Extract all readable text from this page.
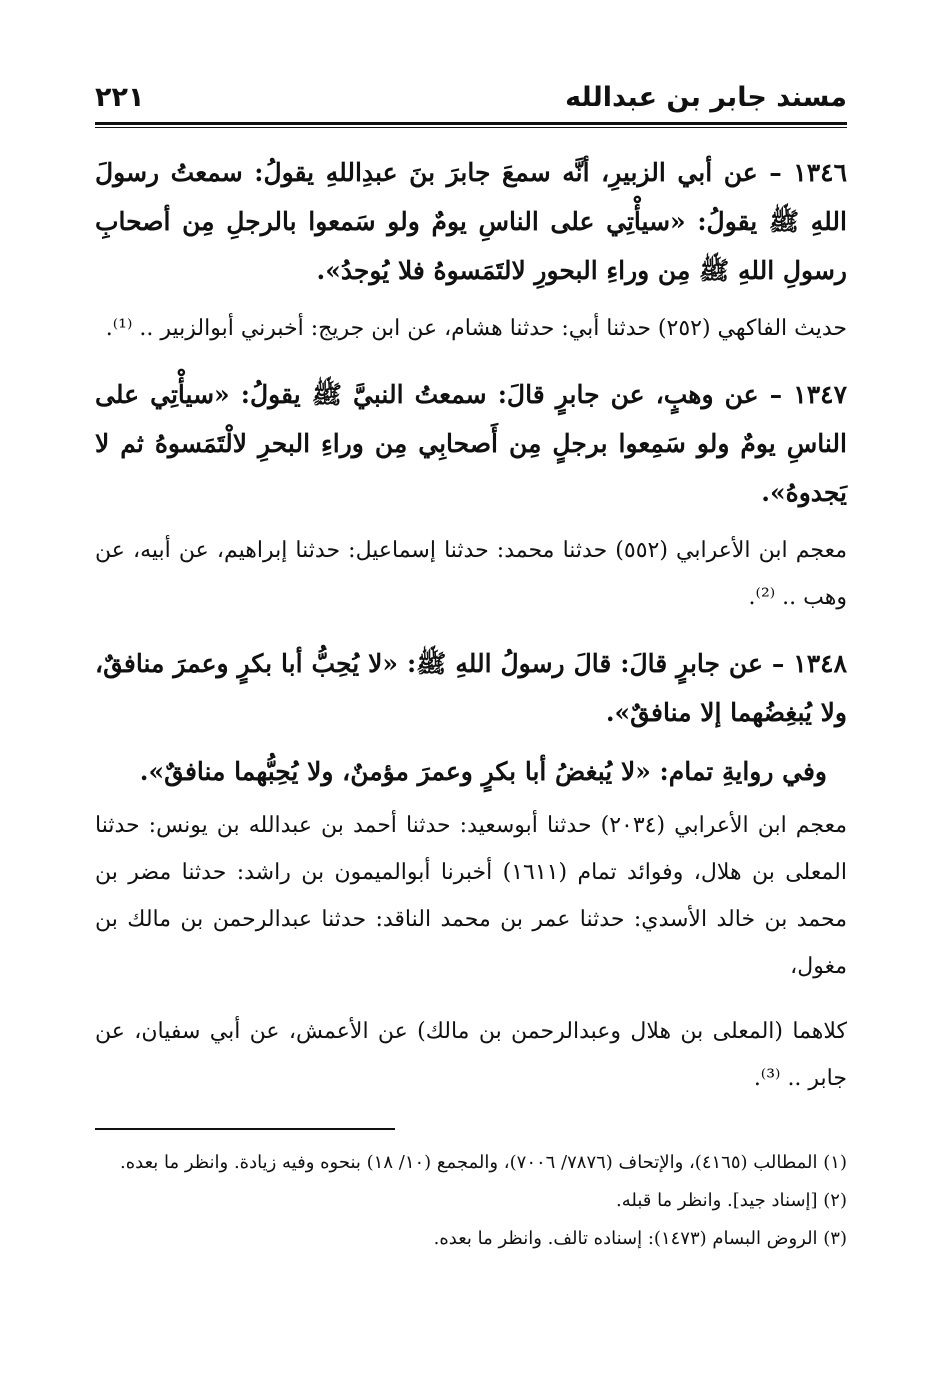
مسند جابر بن عبدالله
٢٢١

١٣٤٦ – عن أبي الزبيرِ، أنَّه سمعَ جابرَ بنَ عبدِاللهِ يقولُ: سمعتُ رسولَ اللهِ ﷺ يقولُ: «سيأْتِي على الناسِ يومٌ ولو سَمعوا بالرجلِ مِن أصحابِ رسولِ اللهِ ﷺ مِن وراءِ البحورِ لالتَمَسوهُ فلا يُوجدُ».

حديث الفاكهي (٢٥٢) حدثنا أبي: حدثنا هشام، عن ابن جريج: أخبرني أبوالزبير .. ⁽¹⁾.

١٣٤٧ – عن وهبٍ، عن جابرٍ قالَ: سمعتُ النبيَّ ﷺ يقولُ: «سيأْتِي على الناسِ يومٌ ولو سَمِعوا برجلٍ مِن أَصحابِي مِن وراءِ البحرِ لالْتَمَسوهُ ثم لا يَجدوهُ».

معجم ابن الأعرابي (٥٥٢) حدثنا محمد: حدثنا إسماعيل: حدثنا إبراهيم، عن أبيه، عن وهب .. ⁽²⁾.

١٣٤٨ – عن جابرٍ قالَ: قالَ رسولُ اللهِ ﷺ: «لا يُحِبُّ أبا بكرٍ وعمرَ منافقٌ، ولا يُبغِضُهما إلا منافقٌ».

وفي روايةِ تمام: «لا يُبغضُ أبا بكرٍ وعمرَ مؤمنٌ، ولا يُحِبُّهما منافقٌ».

معجم ابن الأعرابي (٢٠٣٤) حدثنا أبوسعيد: حدثنا أحمد بن عبدالله بن يونس: حدثنا المعلى بن هلال، وفوائد تمام (١٦١١) أخبرنا أبوالميمون بن راشد: حدثنا مضر بن محمد بن خالد الأسدي: حدثنا عمر بن محمد الناقد: حدثنا عبدالرحمن بن مالك بن مغول،

كلاهما (المعلى بن هلال وعبدالرحمن بن مالك) عن الأعمش، عن أبي سفيان، عن جابر .. ⁽³⁾.

(١) المطالب (٤١٦٥)، والإتحاف (٧٨٧٦/ ٧٠٠٦)، والمجمع (١٠/ ١٨) بنحوه وفيه زيادة. وانظر ما بعده.

(٢) [إسناد جيد]. وانظر ما قبله.

(٣) الروض البسام (١٤٧٣): إسناده تالف. وانظر ما بعده.
